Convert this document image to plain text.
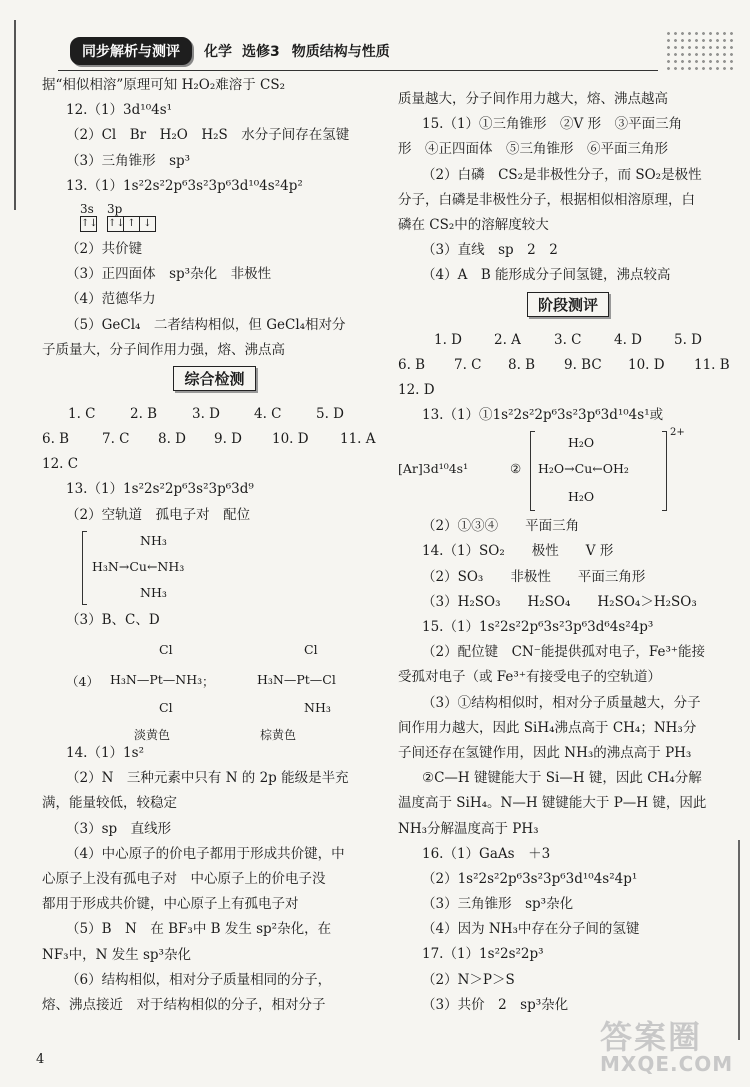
同步解析与测评	化学 选修3 物质结构与性质
据“相似相溶”原理可知 H₂O₂难溶于 CS₂
12.（1）3d¹⁰4s¹
（2）Cl　Br　H₂O　H₂S　水分子间存在氢键
（3）三角锥形　sp³
13.（1）1s²2s²2p⁶3s²3p⁶3d¹⁰4s²4p²
3s
↑↓
3p
↑↓ ↑ ↓
（2）共价键
（3）正四面体　sp³杂化　非极性
（4）范德华力
（5）GeCl₄　二者结构相似，但 GeCl₄相对分
子质量大，分子间作用力强，熔、沸点高
综合检测
1. C	2. B	3. D	4. C	5. D
6. B	7. C	8. D	9. D	10. D	11. A
12. C
13.（1）1s²2s²2p⁶3s²3p⁶3d⁹
（2）空轨道　孤电子对　配位
NH₃
H₃N→Cu←NH₃
NH₃
（3）B、C、D
（4）
Cl
H₃N—Pt—NH₃ ；
Cl
Cl
H₃N—Pt—Cl
NH₃
淡黄色	棕黄色
14.（1）1s²
（2）N　三种元素中只有 N 的 2p 能级是半充
满，能量较低，较稳定
（3）sp　直线形
（4）中心原子的价电子都用于形成共价键，中
心原子上没有孤电子对　中心原子上的价电子没
都用于形成共价键，中心原子上有孤电子对
（5）B　N　在 BF₃中 B 发生 sp²杂化，在
NF₃中，N 发生 sp³杂化
（6）结构相似，相对分子质量相同的分子，
熔、沸点接近　对于结构相似的分子，相对分子
质量越大，分子间作用力越大，熔、沸点越高
15.（1）①三角锥形　②V 形　③平面三角
形　④正四面体　⑤三角锥形　⑥平面三角形
（2）白磷　CS₂是非极性分子，而 SO₂是极性
分子，白磷是非极性分子，根据相似相溶原理，白
磷在 CS₂中的溶解度较大
（3）直线　sp　2　2
（4）A　B 能形成分子间氢键，沸点较高
阶段测评
1. D	2. A	3. C	4. D	5. D
6. B	7. C	8. B	9. BC	10. D	11. B
12. D
13.（1）①1s²2s²2p⁶3s²3p⁶3d¹⁰4s¹或
[Ar]3d¹⁰4s¹	②
H₂O
H₂O→Cu←OH₂
H₂O
2+
（2）①③④　　平面三角
14.（1）SO₂　　极性　　V 形
（2）SO₃　　非极性　　平面三角形
（3）H₂SO₃　　H₂SO₄　　H₂SO₄＞H₂SO₃
15.（1）1s²2s²2p⁶3s²3p⁶3d⁶4s²4p³
（2）配位键　CN⁻能提供孤对电子，Fe³⁺能接
受孤对电子（或 Fe³⁺有接受电子的空轨道）
（3）①结构相似时，相对分子质量越大，分子
间作用力越大，因此 SiH₄沸点高于 CH₄；NH₃分
子间还存在氢键作用，因此 NH₃的沸点高于 PH₃
②C—H 键键能大于 Si—H 键，因此 CH₄分解
温度高于 SiH₄。N—H 键键能大于 P—H 键，因此
NH₃分解温度高于 PH₃
16.（1）GaAs　＋3
（2）1s²2s²2p⁶3s²3p⁶3d¹⁰4s²4p¹
（3）三角锥形　sp³杂化
（4）因为 NH₃中存在分子间的氢键
17.（1）1s²2s²2p³
（2）N＞P＞S
（3）共价　2　sp³杂化
4
答案圈
MXQE.COM
